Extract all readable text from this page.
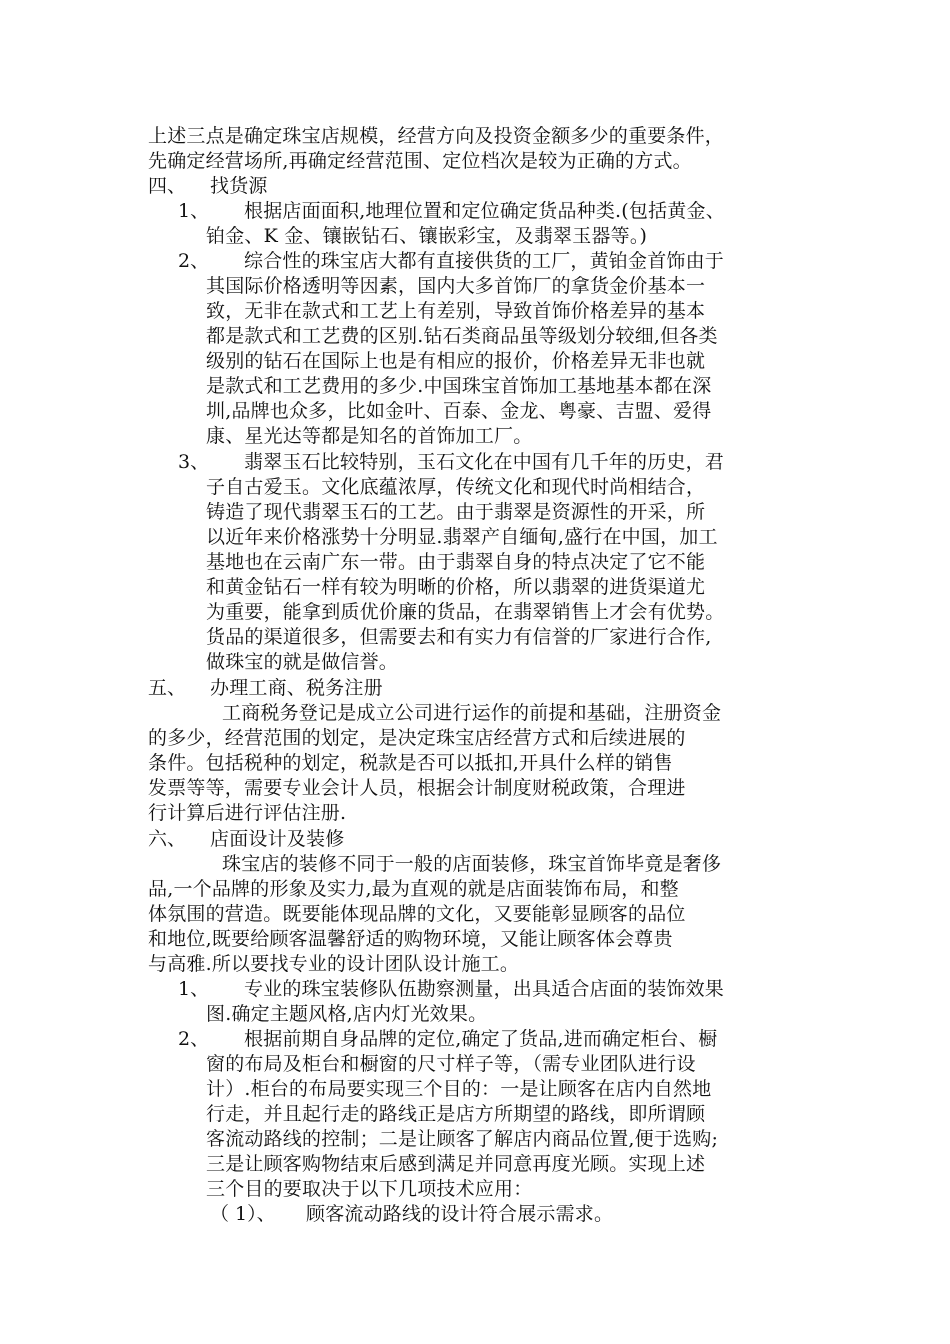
上述三点是确定珠宝店规模，经营方向及投资金额多少的重要条件，
先确定经营场所,再确定经营范围、定位档次是较为正确的方式。
四、 找货源
1、 根据店面面积,地理位置和定位确定货品种类.(包括黄金、
铂金、K 金、镶嵌钻石、镶嵌彩宝，及翡翠玉器等。)
2、 综合性的珠宝店大都有直接供货的工厂，黄铂金首饰由于
其国际价格透明等因素，国内大多首饰厂的拿货金价基本一
致，无非在款式和工艺上有差别，导致首饰价格差异的基本
都是款式和工艺费的区别.钻石类商品虽等级划分较细,但各类
级别的钻石在国际上也是有相应的报价，价格差异无非也就
是款式和工艺费用的多少.中国珠宝首饰加工基地基本都在深
圳,品牌也众多，比如金叶、百泰、金龙、粤豪、吉盟、爱得
康、星光达等都是知名的首饰加工厂。
3、 翡翠玉石比较特别，玉石文化在中国有几千年的历史，君
子自古爱玉。文化底蕴浓厚，传统文化和现代时尚相结合，
铸造了现代翡翠玉石的工艺。由于翡翠是资源性的开采，所
以近年来价格涨势十分明显.翡翠产自缅甸,盛行在中国，加工
基地也在云南广东一带。由于翡翠自身的特点决定了它不能
和黄金钻石一样有较为明晰的价格，所以翡翠的进货渠道尤
为重要，能拿到质优价廉的货品，在翡翠销售上才会有优势。
货品的渠道很多，但需要去和有实力有信誉的厂家进行合作,
做珠宝的就是做信誉。
五、 办理工商、税务注册
工商税务登记是成立公司进行运作的前提和基础，注册资金
的多少，经营范围的划定，是决定珠宝店经营方式和后续进展的
条件。包括税种的划定，税款是否可以抵扣,开具什么样的销售
发票等等，需要专业会计人员，根据会计制度财税政策，合理进
行计算后进行评估注册.
六、 店面设计及装修
珠宝店的装修不同于一般的店面装修，珠宝首饰毕竟是奢侈
品,一个品牌的形象及实力,最为直观的就是店面装饰布局，和整
体氛围的营造。既要能体现品牌的文化，又要能彰显顾客的品位
和地位,既要给顾客温馨舒适的购物环境，又能让顾客体会尊贵
与高雅.所以要找专业的设计团队设计施工。
1、 专业的珠宝装修队伍勘察测量，出具适合店面的装饰效果
图.确定主题风格,店内灯光效果。
2、 根据前期自身品牌的定位,确定了货品,进而确定柜台、橱
窗的布局及柜台和橱窗的尺寸样子等，（需专业团队进行设
计）.柜台的布局要实现三个目的：一是让顾客在店内自然地
行走，并且起行走的路线正是店方所期望的路线，即所谓顾
客流动路线的控制；二是让顾客了解店内商品位置,便于选购;
三是让顾客购物结束后感到满足并同意再度光顾。实现上述
三个目的要取决于以下几项技术应用：
（ 1）、 顾客流动路线的设计符合展示需求。
